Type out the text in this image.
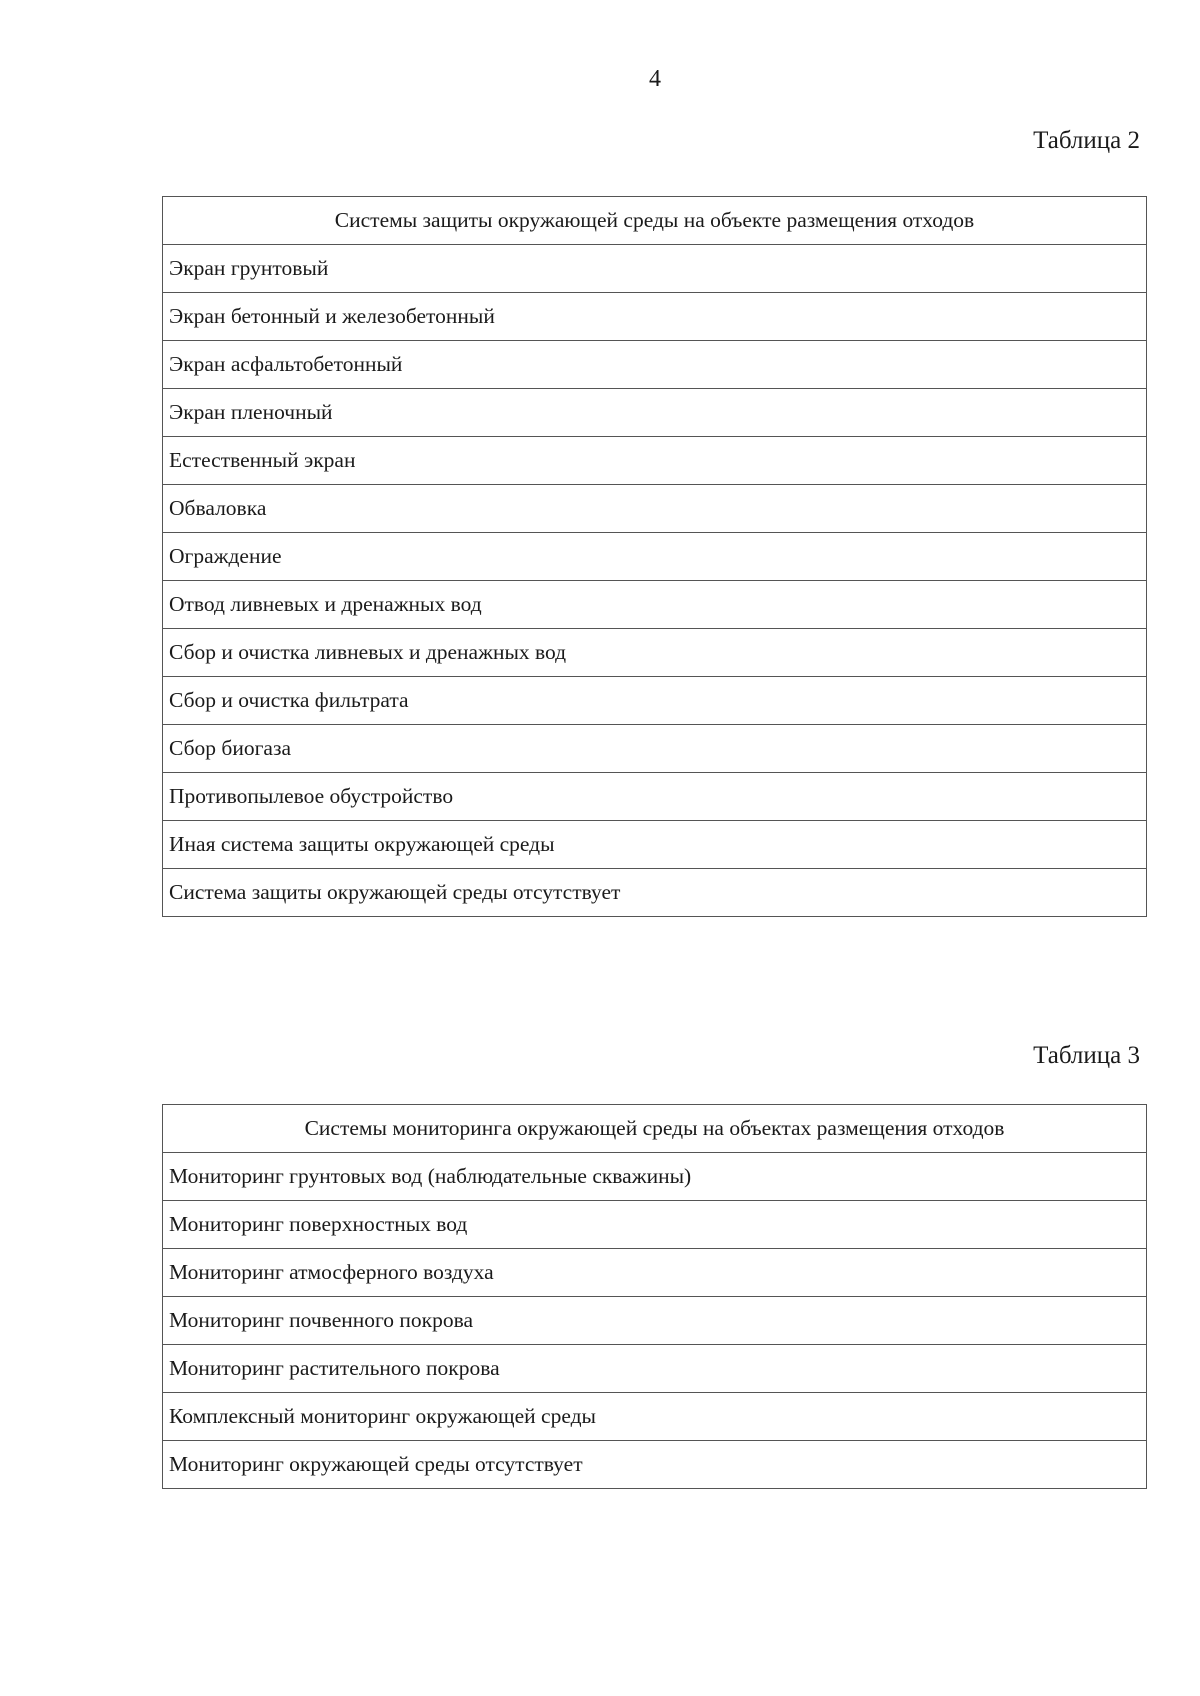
4
Таблица 2
Системы защиты окружающей среды на объекте размещения отходов
Экран грунтовый
Экран бетонный и железобетонный
Экран асфальтобетонный
Экран пленочный
Естественный экран
Обваловка
Ограждение
Отвод ливневых и дренажных вод
Сбор и очистка ливневых и дренажных вод
Сбор и очистка фильтрата
Сбор биогаза
Противопылевое обустройство
Иная система защиты окружающей среды
Система защиты окружающей среды отсутствует
Таблица 3
Системы мониторинга окружающей среды на объектах размещения отходов
Мониторинг грунтовых вод (наблюдательные скважины)
Мониторинг поверхностных вод
Мониторинг атмосферного воздуха
Мониторинг почвенного покрова
Мониторинг растительного покрова
Комплексный мониторинг окружающей среды
Мониторинг окружающей среды отсутствует
